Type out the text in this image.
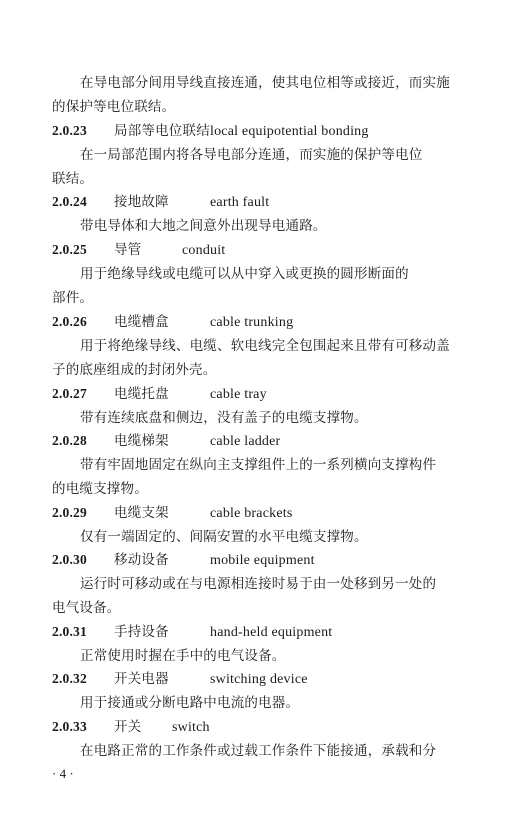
在导电部分间用导线直接连通，使其电位相等或接近，而实施
的保护等电位联结。
2.0.23 局部等电位联结local equipotential bonding
在一局部范围内将各导电部分连通，而实施的保护等电位
联结。
2.0.24 接地故障	earth fault
带电导体和大地之间意外出现导电通路。
2.0.25 导管	conduit
用于绝缘导线或电缆可以从中穿入或更换的圆形断面的
部件。
2.0.26 电缆槽盒	cable trunking
用于将绝缘导线、电缆、软电线完全包围起来且带有可移动盖
子的底座组成的封闭外壳。
2.0.27 电缆托盘	cable tray
带有连续底盘和侧边，没有盖子的电缆支撑物。
2.0.28 电缆梯架	cable ladder
带有牢固地固定在纵向主支撑组件上的一系列横向支撑构件
的电缆支撑物。
2.0.29 电缆支架	cable brackets
仅有一端固定的、间隔安置的水平电缆支撑物。
2.0.30 移动设备	mobile equipment
运行时可移动或在与电源相连接时易于由一处移到另一处的
电气设备。
2.0.31 手持设备	hand-held equipment
正常使用时握在手中的电气设备。
2.0.32 开关电器	switching device
用于接通或分断电路中电流的电器。
2.0.33 开关 switch
在电路正常的工作条件或过载工作条件下能接通，承载和分
· 4 ·
